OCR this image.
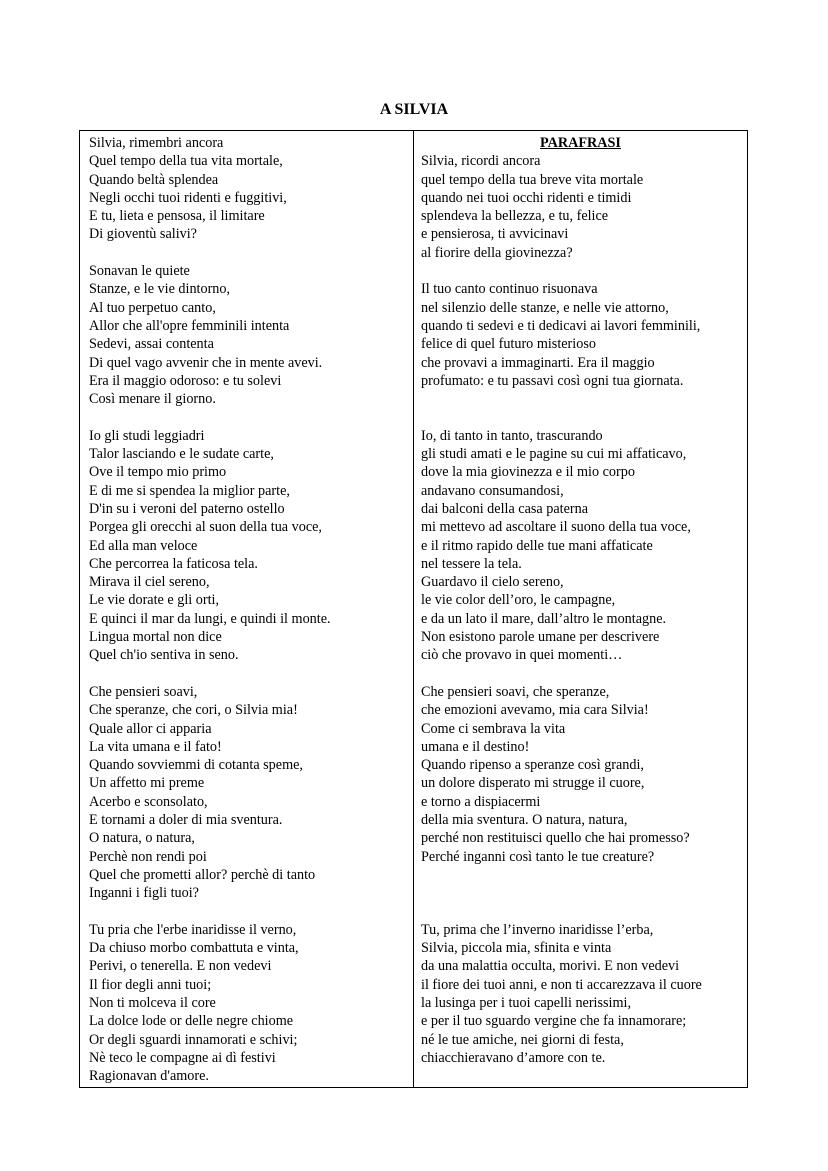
A SILVIA
Silvia, rimembri ancora
Quel tempo della tua vita mortale,
Quando beltà splendea
Negli occhi tuoi ridenti e fuggitivi,
E tu, lieta e pensosa, il limitare
Di gioventù salivi?
Sonavan le quiete
Stanze, e le vie dintorno,
Al tuo perpetuo canto,
Allor che all'opre femminili intenta
Sedevi, assai contenta
Di quel vago avvenir che in mente avevi.
Era il maggio odoroso: e tu solevi
Così menare il giorno.
Io gli studi leggiadri
Talor lasciando e le sudate carte,
Ove il tempo mio primo
E di me si spendea la miglior parte,
D'in su i veroni del paterno ostello
Porgea gli orecchi al suon della tua voce,
Ed alla man veloce
Che percorrea la faticosa tela.
Mirava il ciel sereno,
Le vie dorate e gli orti,
E quinci il mar da lungi, e quindi il monte.
Lingua mortal non dice
Quel ch'io sentiva in seno.
Che pensieri soavi,
Che speranze, che cori, o Silvia mia!
Quale allor ci apparia
La vita umana e il fato!
Quando sovviemmi di cotanta speme,
Un affetto mi preme
Acerbo e sconsolato,
E tornami a doler di mia sventura.
O natura, o natura,
Perchè non rendi poi
Quel che prometti allor? perchè di tanto
Inganni i figli tuoi?
Tu pria che l'erbe inaridisse il verno,
Da chiuso morbo combattuta e vinta,
Perivi, o tenerella. E non vedevi
Il fior degli anni tuoi;
Non ti molceva il core
La dolce lode or delle negre chiome
Or degli sguardi innamorati e schivi;
Nè teco le compagne ai dì festivi
Ragionavan d'amore.
PARAFRASI
Silvia, ricordi ancora
quel tempo della tua breve vita mortale
quando nei tuoi occhi ridenti e timidi
splendeva la bellezza, e tu, felice
e pensierosa, ti avvicinavi
al fiorire della giovinezza?
Il tuo canto continuo risuonava
nel silenzio delle stanze, e nelle vie attorno,
quando ti sedevi e ti dedicavi ai lavori femminili,
felice di quel futuro misterioso
che provavi a immaginarti. Era il maggio
profumato: e tu passavi così ogni tua giornata.
Io, di tanto in tanto, trascurando
gli studi amati e le pagine su cui mi affaticavo,
dove la mia giovinezza e il mio corpo
andavano consumandosi,
dai balconi della casa paterna
mi mettevo ad ascoltare il suono della tua voce,
e il ritmo rapido delle tue mani affaticate
nel tessere la tela.
Guardavo il cielo sereno,
le vie color dell’oro, le campagne,
e da un lato il mare, dall’altro le montagne.
Non esistono parole umane per descrivere
ciò che provavo in quei momenti…
Che pensieri soavi, che speranze,
che emozioni avevamo, mia cara Silvia!
Come ci sembrava la vita
umana e il destino!
Quando ripenso a speranze così grandi,
un dolore disperato mi strugge il cuore,
e torno a dispiacermi
della mia sventura. O natura, natura,
perché non restituisci quello che hai promesso?
Perché inganni così tanto le tue creature?
Tu, prima che l’inverno inaridisse l’erba,
Silvia, piccola mia, sfinita e vinta
da una malattia occulta, morivi. E non vedevi
il fiore dei tuoi anni, e non ti accarezzava il cuore
la lusinga per i tuoi capelli nerissimi,
e per il tuo sguardo vergine che fa innamorare;
né le tue amiche, nei giorni di festa,
chiacchieravano d’amore con te.
